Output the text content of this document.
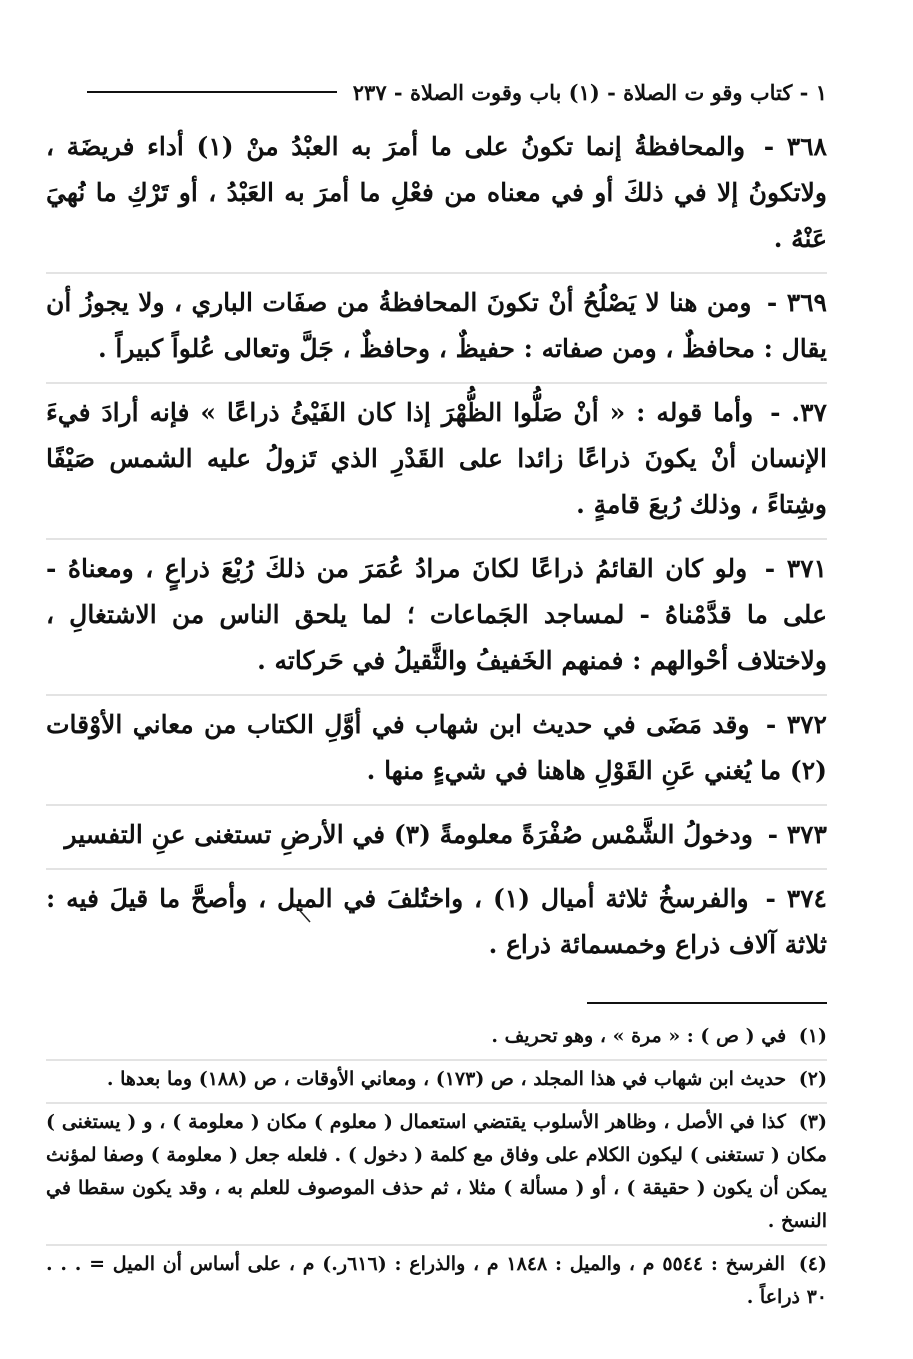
١ - كتاب وقو ت الصلاة - (١) باب وقوت الصلاة - ٢٣٧

٣٦٨ - والمحافظةُ إنما تكونُ على ما أمرَ به العبْدُ منْ (١) أداء فريضَة ، ولاتكونُ إلا في ذلكَ أو في معناه من فعْلِ ما أمرَ به العَبْدُ ، أو تَرْكِ ما نُهيَ عَنْهُ .

٣٦٩ - ومن هنا لا يَصْلُحُ أنْ تكونَ المحافظةُ من صفَات الباري ، ولا يجوزُ أن يقال : محافظٌ ، ومن صفاته : حفيظٌ ، وحافظٌ ، جَلَّ وتعالى عُلواً كبيراً .

٣٧. - وأما قوله : « أنْ صَلُّوا الظُّهْرَ إذا كان الفَيْئُ ذراعًا » فإنه أرادَ فيءَ الإنسان أنْ يكونَ ذراعًا زائدا على القَدْرِ الذي تَزولُ عليه الشمس صَيْفًا وشِتاءً ، وذلك رُبعَ قامةٍ .

٣٧١ - ولو كان القائمُ ذراعًا لكانَ مرادُ عُمَرَ من ذلكَ رُبْعَ ذراعٍ ، ومعناهُ - على ما قدَّمْناهُ - لمساجد الجَماعات ؛ لما يلحق الناس من الاشتغالِ ، ولاختلاف أحْوالهم : فمنهم الخَفيفُ والثَّقيلُ في حَركاته .

٣٧٢ - وقد مَضَى في حديث ابن شهاب في أوَّلِ الكتاب من معاني الأوْقات (٢) ما يُغني عَنِ القَوْلِ هاهنا في شيءٍ منها .

٣٧٣ - ودخولُ الشَّمْس صُفْرَةً معلومةً (٣) في الأرضِ تستغنى عنِ التفسير

٣٧٤ - والفرسخُ ثلاثة أميال (١) ، واختُلفَ في الميل ، وأصحَّ ما قيلَ فيه : ثلاثة آلاف ذراع وخمسمائة ذراع .

(١) في ( ص ) : « مرة » ، وهو تحريف .

(٢) حديث ابن شهاب في هذا المجلد ، ص (١٧٣) ، ومعاني الأوقات ، ص (١٨٨) وما بعدها .

(٣) كذا في الأصل ، وظاهر الأسلوب يقتضي استعمال ( معلوم ) مكان ( معلومة ) ، و ( يستغنى ) مكان ( تستغنى ) ليكون الكلام على وفاق مع كلمة ( دخول ) . فلعله جعل ( معلومة ) وصفا لمؤنث يمكن أن يكون ( حقيقة ) ، أو ( مسألة ) مثلا ، ثم حذف الموصوف للعلم به ، وقد يكون سقطا في النسخ .

(٤) الفرسخ : ٥٥٤٤ م ، والميل : ١٨٤٨ م ، والذراع : (٦١٦ر.) م ، على أساس أن الميل = . . . ٣٠ ذراعاً .
